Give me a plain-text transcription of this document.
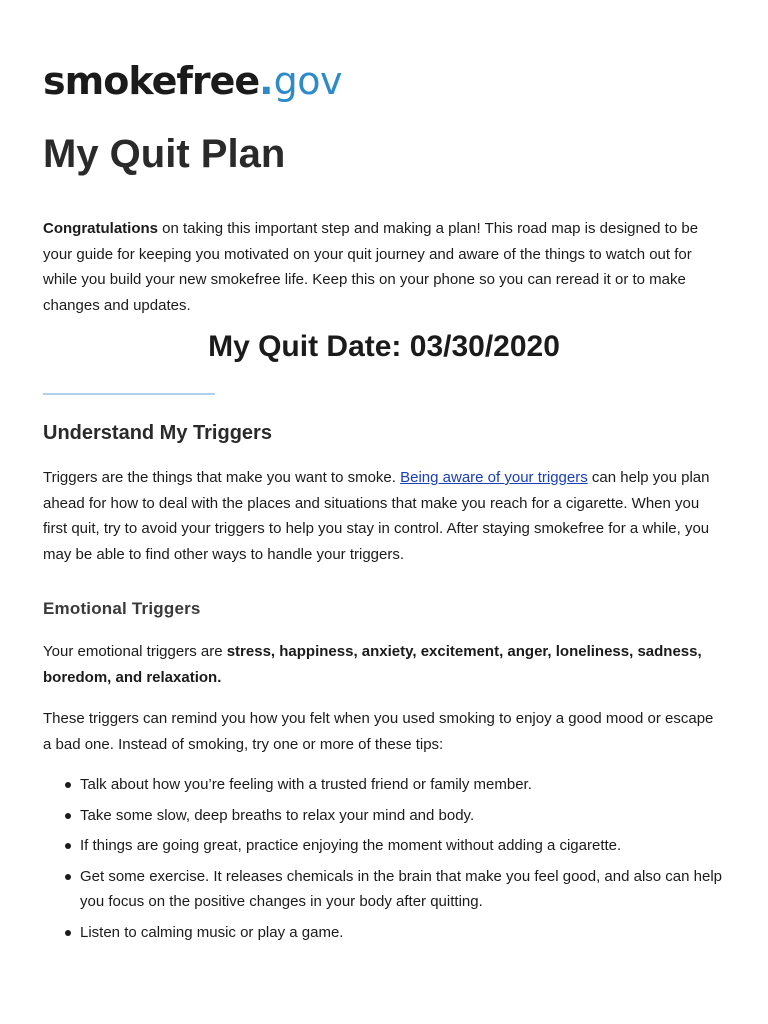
smokefree.gov
My Quit Plan

Congratulations on taking this important step and making a plan! This road map is designed to be your guide for keeping you motivated on your quit journey and aware of the things to watch out for while you build your new smokefree life. Keep this on your phone so you can reread it or to make changes and updates.

My Quit Date: 03/30/2020
Understand My Triggers

Triggers are the things that make you want to smoke. Being aware of your triggers can help you plan ahead for how to deal with the places and situations that make you reach for a cigarette. When you first quit, try to avoid your triggers to help you stay in control. After staying smokefree for a while, you may be able to find other ways to handle your triggers.

Emotional Triggers

Your emotional triggers are stress, happiness, anxiety, excitement, anger, loneliness, sadness, boredom, and relaxation.

These triggers can remind you how you felt when you used smoking to enjoy a good mood or escape a bad one. Instead of smoking, try one or more of these tips:

Talk about how you’re feeling with a trusted friend or family member.
Take some slow, deep breaths to relax your mind and body.
If things are going great, practice enjoying the moment without adding a cigarette.
Get some exercise. It releases chemicals in the brain that make you feel good, and also can help you focus on the positive changes in your body after quitting.
Listen to calming music or play a game.
